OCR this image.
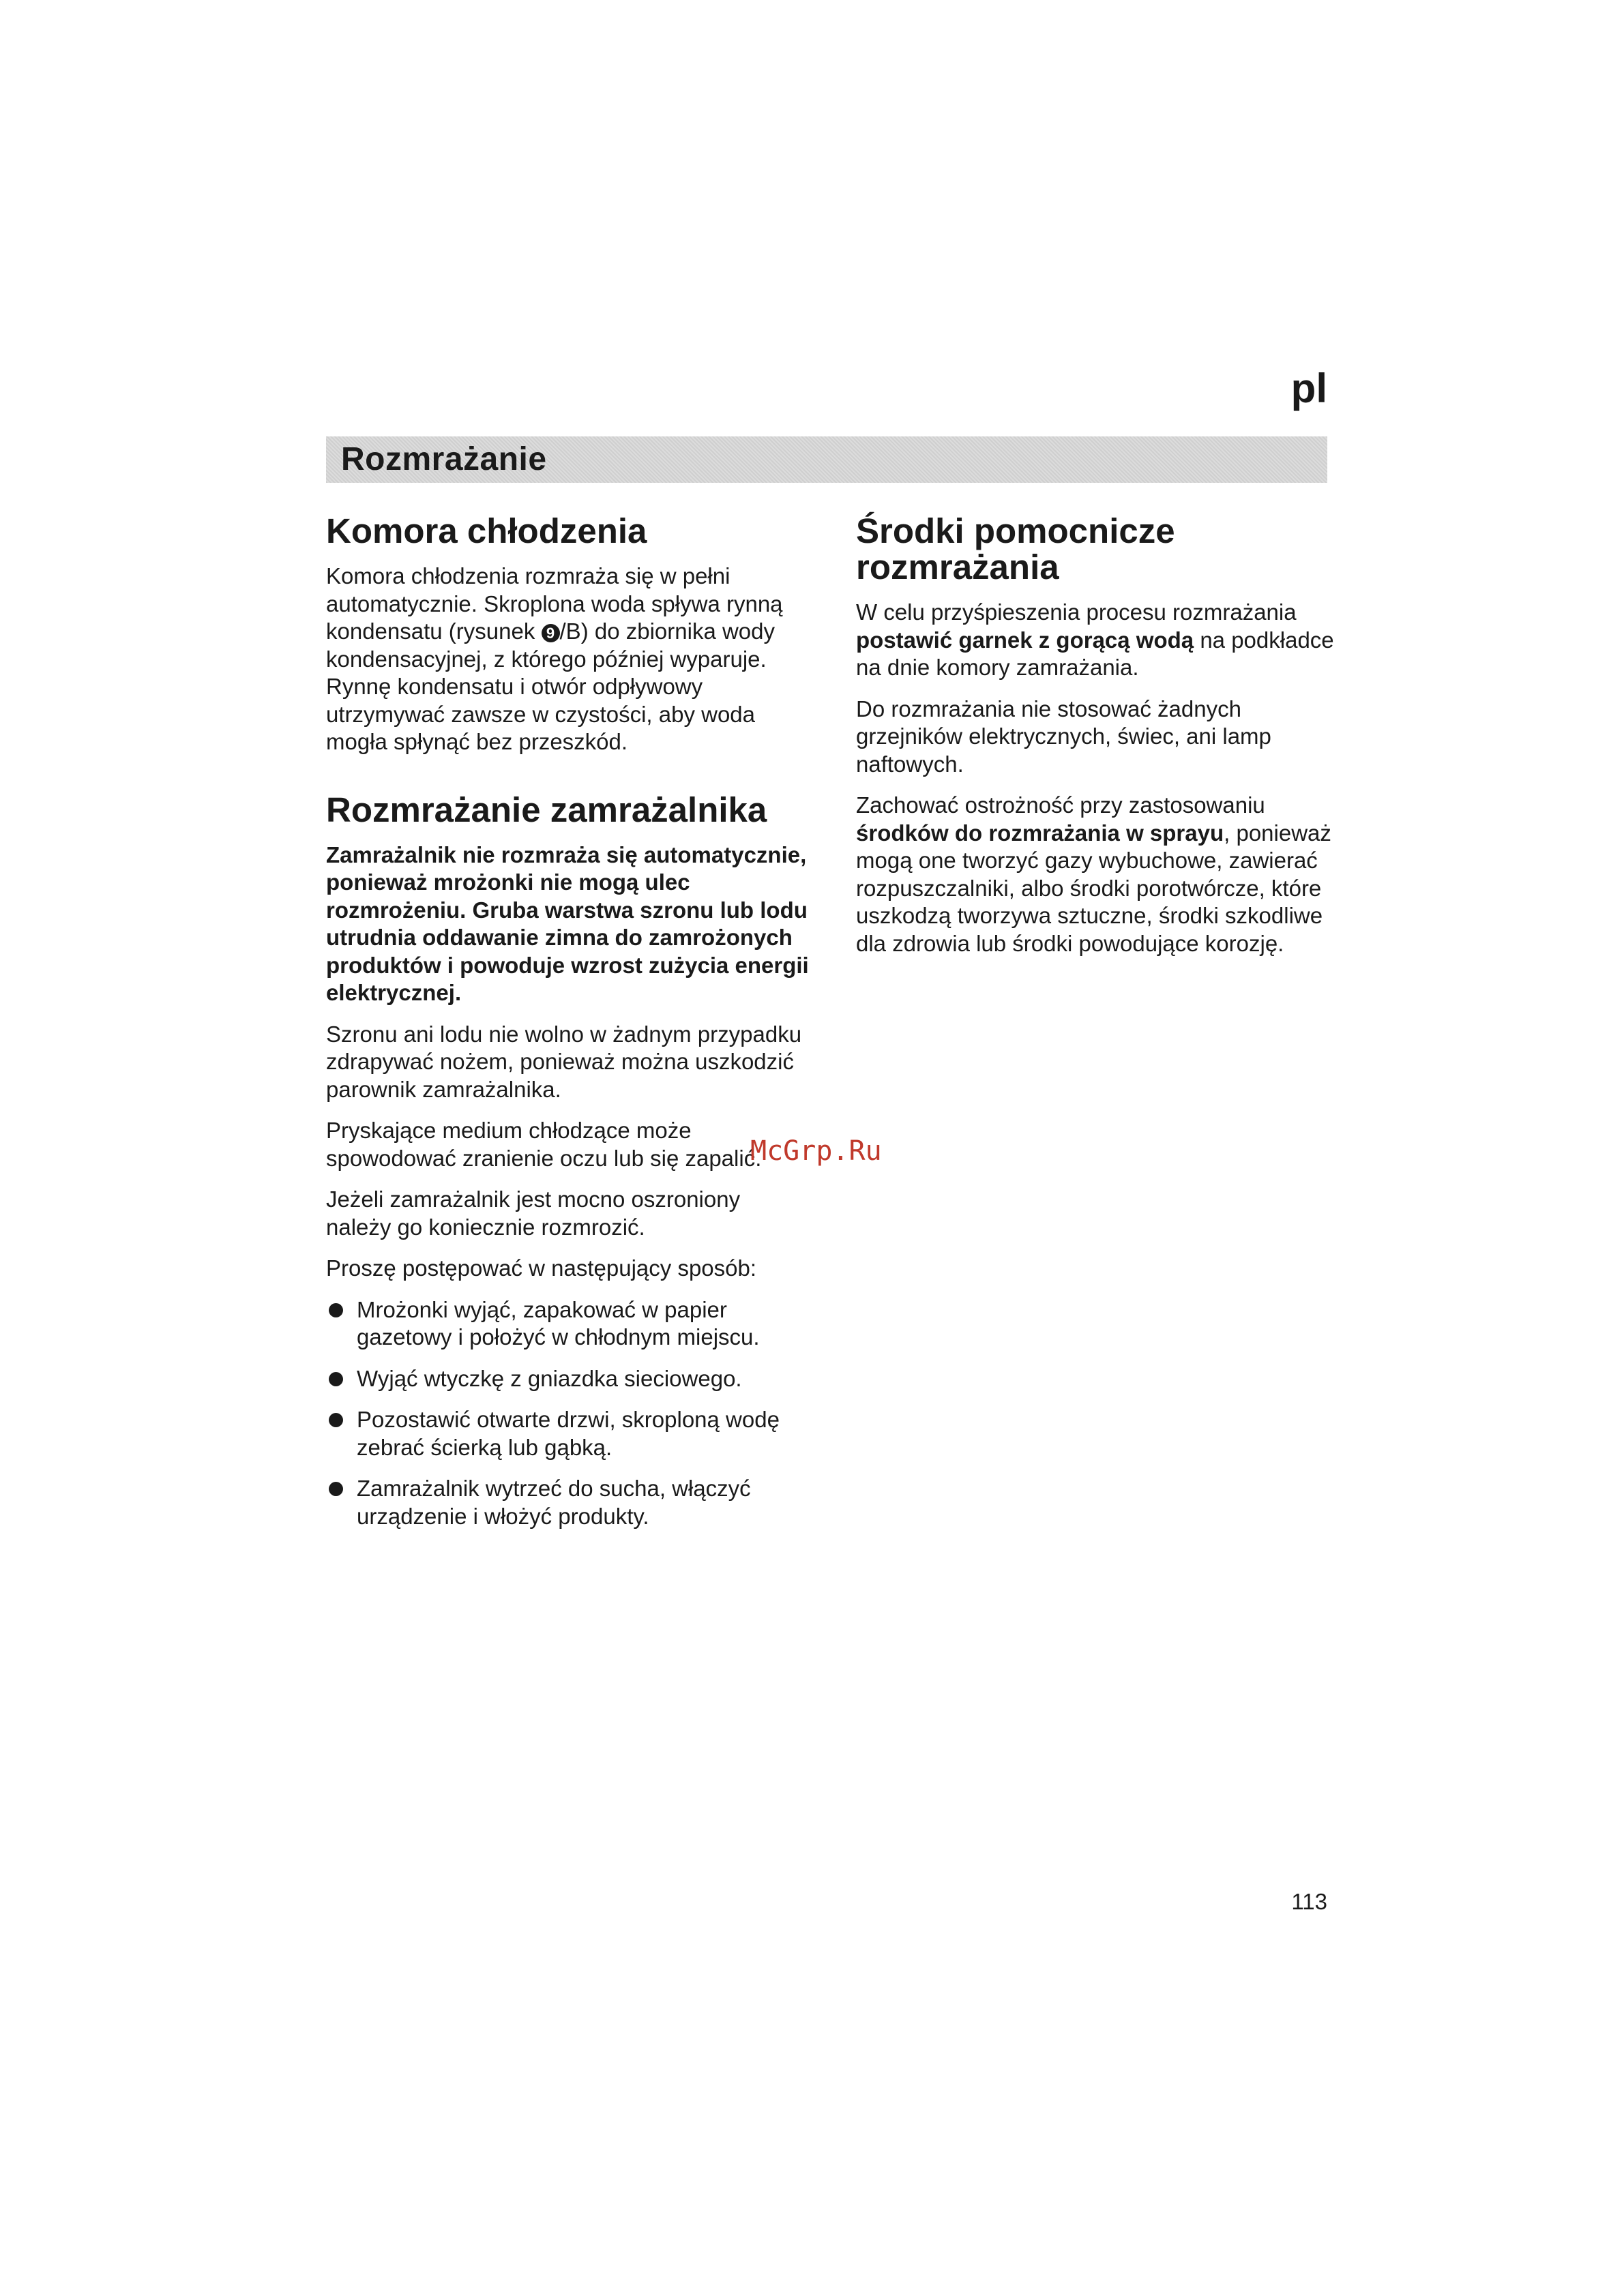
pl
Rozmrażanie
Komora chłodzenia

Komora chłodzenia rozmraża się w pełni automatycznie. Skroplona woda spływa rynną kondensatu (rysunek 9 /B) do zbiornika wody kondensacyjnej, z którego później wyparuje. Rynnę kondensatu i otwór odpływowy utrzymywać zawsze w czystości, aby woda mogła spłynąć bez przeszkód.

Rozmrażanie zamrażalnika

Zamrażalnik nie rozmraża się automatycznie, ponieważ mrożonki nie mogą ulec rozmrożeniu. Gruba warstwa szronu lub lodu utrudnia oddawanie zimna do zamrożonych produktów i powoduje wzrost zużycia energii elektrycznej.

Szronu ani lodu nie wolno w żadnym przypadku zdrapywać nożem, ponieważ można uszkodzić parownik zamrażalnika.

Pryskające medium chłodzące może spowodować zranienie oczu lub się zapalić.

Jeżeli zamrażalnik jest mocno oszroniony należy go koniecznie rozmrozić.

Proszę postępować w następujący sposób:

Mrożonki wyjąć, zapakować w papier gazetowy i położyć w chłodnym miejscu.
Wyjąć wtyczkę z gniazdka sieciowego.
Pozostawić otwarte drzwi, skroploną wodę zebrać ścierką lub gąbką.
Zamrażalnik wytrzeć do sucha, włączyć urządzenie i włożyć produkty.
Środki pomocnicze rozmrażania

W celu przyśpieszenia procesu rozmrażania postawić garnek z gorącą wodą na podkładce na dnie komory zamrażania.

Do rozmrażania nie stosować żadnych grzejników elektrycznych, świec, ani lamp naftowych.

Zachować ostrożność przy zastosowaniu środków do rozmrażania w sprayu, ponieważ mogą one tworzyć gazy wybuchowe, zawierać rozpuszczalniki, albo środki porotwórcze, które uszkodzą tworzywa sztuczne, środki szkodliwe dla zdrowia lub środki powodujące korozję.

McGrp.Ru
113
